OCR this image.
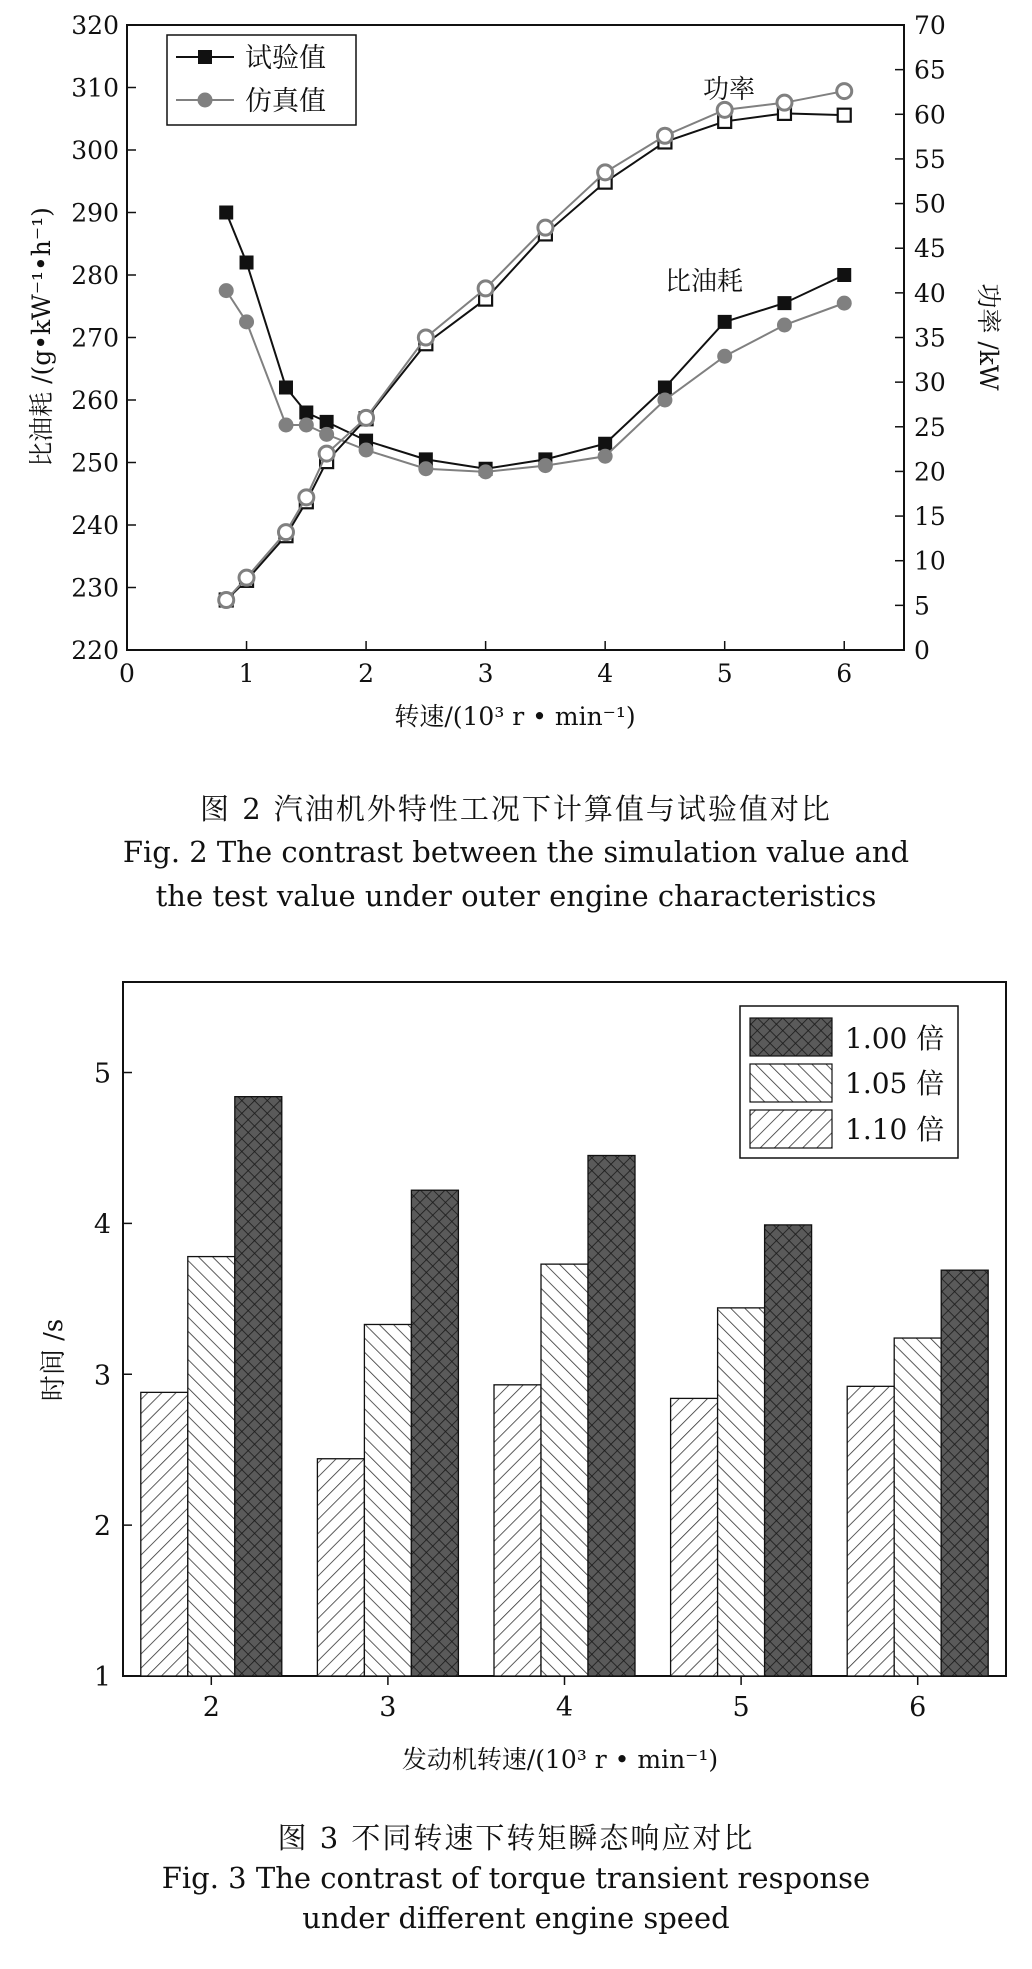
0	1	2	3	4	5	6
220
230
240
250
260
270
280
290
300
310
320
0
5
10
15
20
25
30
35
40
45
50
55
60
65
70
功率
比油耗
试验值
仿真值
转速/(10³ r • min⁻¹)
比油耗 /(g•kW⁻¹•h⁻¹)	功率 /kW
图 2 汽油机外特性工况下计算值与试验值对比
Fig. 2 The contrast between the simulation value and
the test value under outer engine characteristics
1
2
3
4
5
2	3	4	5	6
1.00 倍
1.05 倍
1.10 倍
发动机转速/(10³ r • min⁻¹)
时间 /s
图 3 不同转速下转矩瞬态响应对比
Fig. 3 The contrast of torque transient response
under different engine speed
